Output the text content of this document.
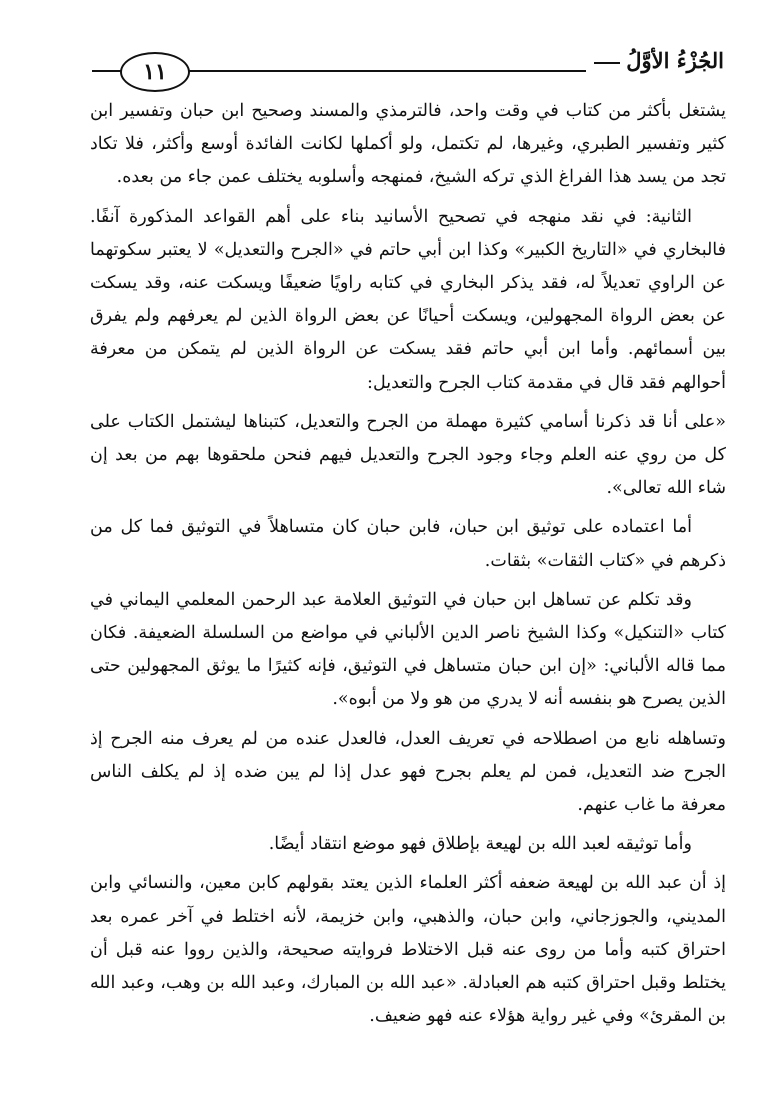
١١	الجُزْءُ الأوَّلُ

يشتغل بأكثر من كتاب في وقت واحد، فالترمذي والمسند وصحيح ابن حبان وتفسير ابن كثير وتفسير الطبري، وغيرها، لم تكتمل، ولو أكملها لكانت الفائدة أوسع وأكثر، فلا تكاد تجد من يسد هذا الفراغ الذي تركه الشيخ، فمنهجه وأسلوبه يختلف عمن جاء من بعده.

الثانية: في نقد منهجه في تصحيح الأسانيد بناء على أهم القواعد المذكورة آنفًا. فالبخاري في «التاريخ الكبير» وكذا ابن أبي حاتم في «الجرح والتعديل» لا يعتبر سكوتهما عن الراوي تعديلاً له، فقد يذكر البخاري في كتابه راويًا ضعيفًا ويسكت عنه، وقد يسكت عن بعض الرواة المجهولين، ويسكت أحيانًا عن بعض الرواة الذين لم يعرفهم ولم يفرق بين أسمائهم. وأما ابن أبي حاتم فقد يسكت عن الرواة الذين لم يتمكن من معرفة أحوالهم فقد قال في مقدمة كتاب الجرح والتعديل:

«على أنا قد ذكرنا أسامي كثيرة مهملة من الجرح والتعديل، كتبناها ليشتمل الكتاب على كل من روي عنه العلم وجاء وجود الجرح والتعديل فيهم فنحن ملحقوها بهم من بعد إن شاء الله تعالى».

أما اعتماده على توثيق ابن حبان، فابن حبان كان متساهلاً في التوثيق فما كل من ذكرهم في «كتاب الثقات» بثقات.

وقد تكلم عن تساهل ابن حبان في التوثيق العلامة عبد الرحمن المعلمي اليماني في كتاب «التنكيل» وكذا الشيخ ناصر الدين الألباني في مواضع من السلسلة الضعيفة. فكان مما قاله الألباني: «إن ابن حبان متساهل في التوثيق، فإنه كثيرًا ما يوثق المجهولين حتى الذين يصرح هو بنفسه أنه لا يدري من هو ولا من أبوه».

وتساهله نابع من اصطلاحه في تعريف العدل، فالعدل عنده من لم يعرف منه الجرح إذ الجرح ضد التعديل، فمن لم يعلم بجرح فهو عدل إذا لم يبن ضده إذ لم يكلف الناس معرفة ما غاب عنهم.

وأما توثيقه لعبد الله بن لهيعة بإطلاق فهو موضع انتقاد أيضًا.

إذ أن عبد الله بن لهيعة ضعفه أكثر العلماء الذين يعتد بقولهم كابن معين، والنسائي وابن المديني، والجوزجاني، وابن حبان، والذهبي، وابن خزيمة، لأنه اختلط في آخر عمره بعد احتراق كتبه وأما من روى عنه قبل الاختلاط فروايته صحيحة، والذين رووا عنه قبل أن يختلط وقبل احتراق كتبه هم العبادلة. «عبد الله بن المبارك، وعبد الله بن وهب، وعبد الله بن المقرئ» وفي غير رواية هؤلاء عنه فهو ضعيف.
